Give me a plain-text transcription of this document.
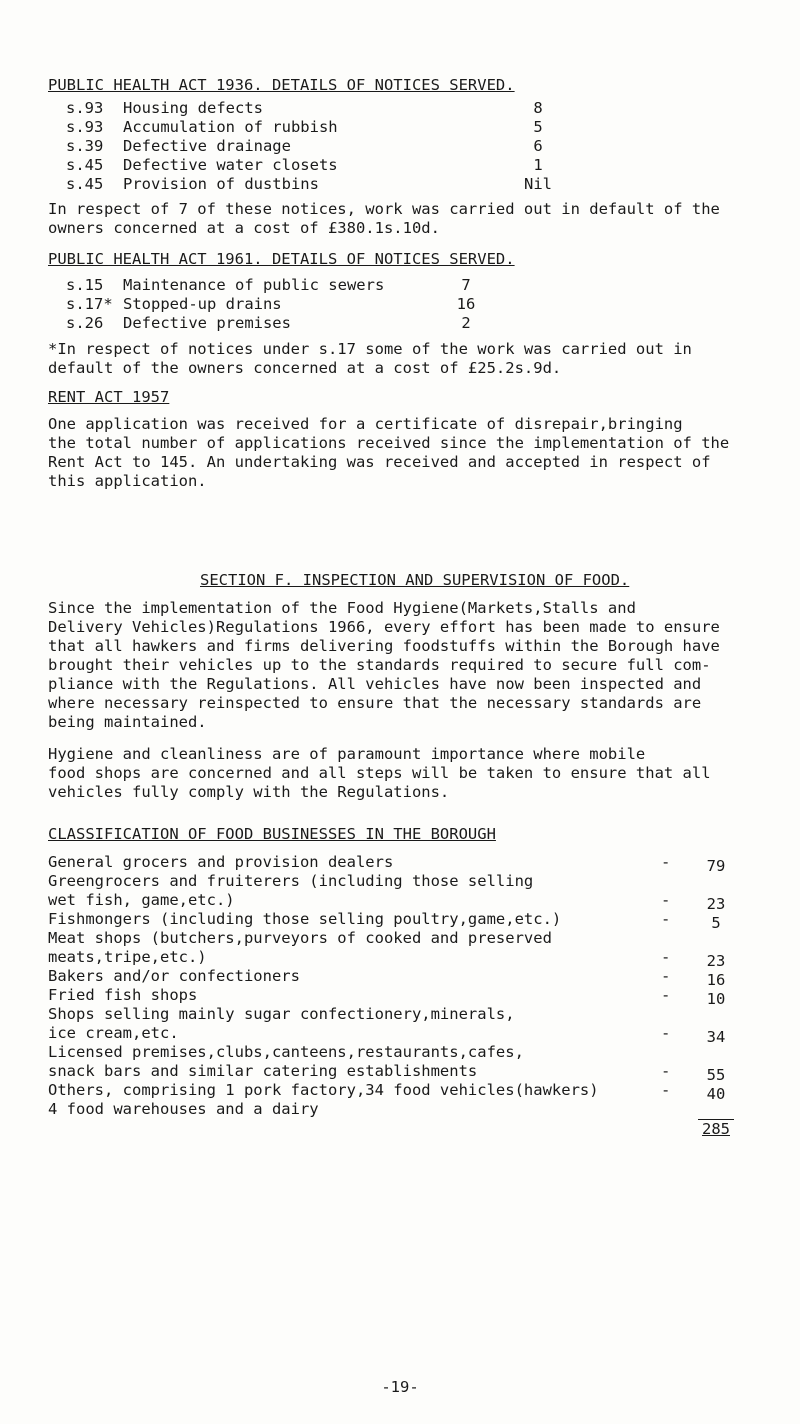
PUBLIC HEALTH ACT 1936. DETAILS OF NOTICES SERVED.
s.93 Housing defects	8
s.93 Accumulation of rubbish	5
s.39 Defective drainage	6
s.45 Defective water closets	1
s.45 Provision of dustbins	Nil
In respect of 7 of these notices, work was carried out in default of the
owners concerned at a cost of £380.1s.10d.
PUBLIC HEALTH ACT 1961. DETAILS OF NOTICES SERVED.
s.15 Maintenance of public sewers	7
s.17* Stopped-up drains	16
s.26 Defective premises	2
*In respect of notices under s.17 some of the work was carried out in
default of the owners concerned at a cost of £25.2s.9d.
RENT ACT 1957
One application was received for a certificate of disrepair,bringing
the total number of applications received since the implementation of the
Rent Act to 145. An undertaking was received and accepted in respect of
this application.
SECTION F. INSPECTION AND SUPERVISION OF FOOD.
Since the implementation of the Food Hygiene(Markets,Stalls and
Delivery Vehicles)Regulations 1966, every effort has been made to ensure
that all hawkers and firms delivering foodstuffs within the Borough have
brought their vehicles up to the standards required to secure full com-
pliance with the Regulations. All vehicles have now been inspected and
where necessary reinspected to ensure that the necessary standards are
being maintained.
Hygiene and cleanliness are of paramount importance where mobile
food shops are concerned and all steps will be taken to ensure that all
vehicles fully comply with the Regulations.
CLASSIFICATION OF FOOD BUSINESSES IN THE BOROUGH
General grocers and provision dealers	-	79
Greengrocers and fruiterers (including those selling
wet fish, game,etc.)	-	23
Fishmongers (including those selling poultry,game,etc.)	-	5
Meat shops (butchers,purveyors of cooked and preserved
meats,tripe,etc.)	-	23
Bakers and/or confectioners	-	16
Fried fish shops	-	10
Shops selling mainly sugar confectionery,minerals,
ice cream,etc.	-	34
Licensed premises,clubs,canteens,restaurants,cafes,
snack bars and similar catering establishments	-	55
Others, comprising 1 pork factory,34 food vehicles(hawkers)
4 food warehouses and a dairy
-	40
285
-19-
